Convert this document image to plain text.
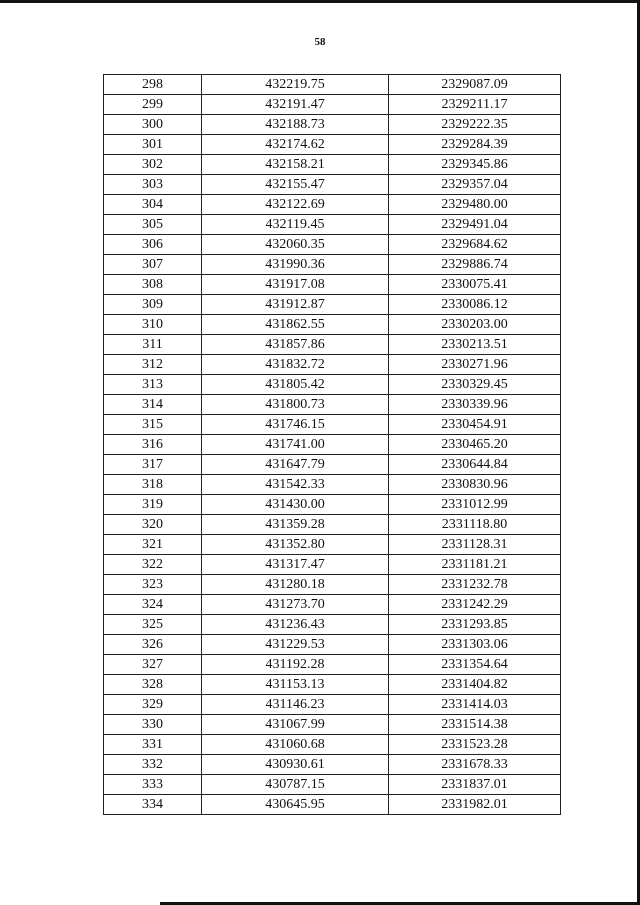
58
298	432219.75	2329087.09
299	432191.47	2329211.17
300	432188.73	2329222.35
301	432174.62	2329284.39
302	432158.21	2329345.86
303	432155.47	2329357.04
304	432122.69	2329480.00
305	432119.45	2329491.04
306	432060.35	2329684.62
307	431990.36	2329886.74
308	431917.08	2330075.41
309	431912.87	2330086.12
310	431862.55	2330203.00
311	431857.86	2330213.51
312	431832.72	2330271.96
313	431805.42	2330329.45
314	431800.73	2330339.96
315	431746.15	2330454.91
316	431741.00	2330465.20
317	431647.79	2330644.84
318	431542.33	2330830.96
319	431430.00	2331012.99
320	431359.28	2331118.80
321	431352.80	2331128.31
322	431317.47	2331181.21
323	431280.18	2331232.78
324	431273.70	2331242.29
325	431236.43	2331293.85
326	431229.53	2331303.06
327	431192.28	2331354.64
328	431153.13	2331404.82
329	431146.23	2331414.03
330	431067.99	2331514.38
331	431060.68	2331523.28
332	430930.61	2331678.33
333	430787.15	2331837.01
334	430645.95	2331982.01
